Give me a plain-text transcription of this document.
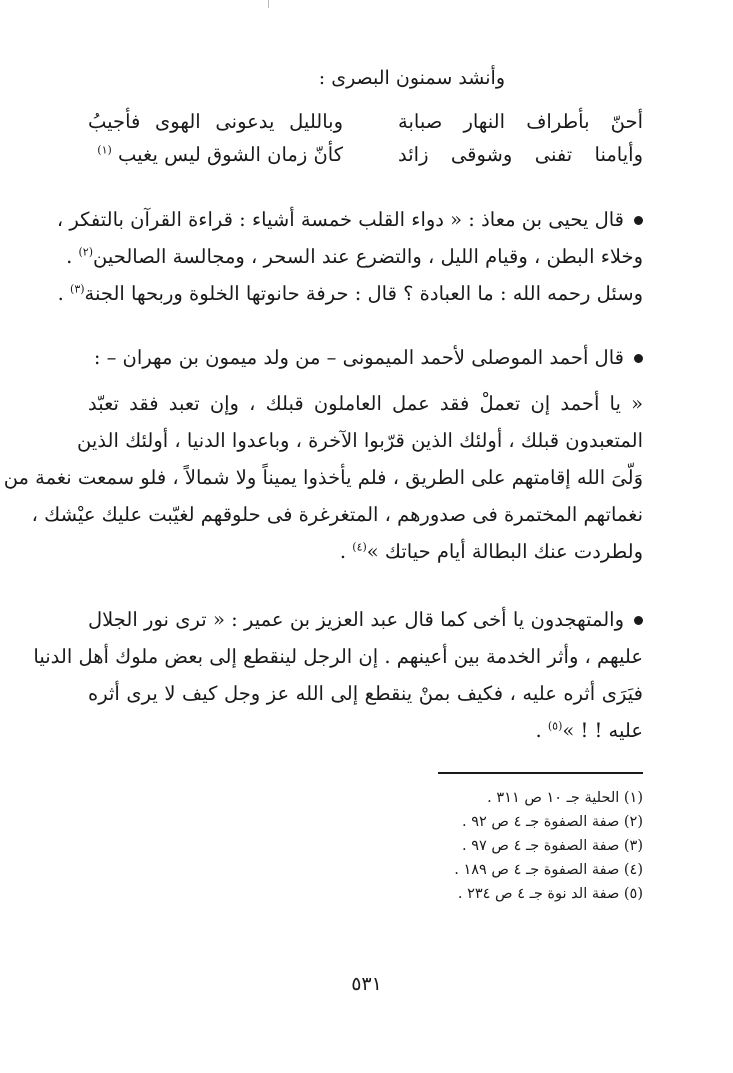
وأنشد سمنون البصرى :
أحنّ بأطراف النهار صبابة
وبالليل يدعونى الهوى فأجيبُ
وأيامنا تفنى وشوقى زائد
كأنّ زمان الشوق ليس يغيب $^{(١)}$
قال يحيى بن معاذ : « دواء القلب خمسة أشياء : قراءة القرآن بالتفكر ،
وخلاء البطن ، وقيام الليل ، والتضرع عند السحر ، ومجالسة الصالحين$^{(٢)}$ .
وسئل رحمه الله : ما العبادة ؟ قال : حرفة حانوتها الخلوة وربحها الجنة$^{(٣)}$ .
قال أحمد الموصلى لأحمد الميمونى – من ولد ميمون بن مهران – :
« يا أحمد إن تعملْ فقد عمل العاملون قبلك ، وإن تعبد فقد تعبّد
المتعبدون قبلك ، أولئك الذين قرّبوا الآخرة ، وباعدوا الدنيا ، أولئك الذين
وَلّىَ الله إقامتهم على الطريق ، فلم يأخذوا يميناً ولا شمالاً ، فلو سمعت نغمة من
نغماتهم المختمرة فى صدورهم ، المتغرغرة فى حلوقهم لغيّبت عليك عيْشك ،
ولطردت عنك البطالة أيام حياتك »$^{(٤)}$ .
والمتهجدون يا أخى كما قال عبد العزيز بن عمير : « ترى نور الجلال
عليهم ، وأثر الخدمة بين أعينهم . إن الرجل لينقطع إلى بعض ملوك أهل الدنيا
فيَرَى أثره عليه ، فكيف بمنْ ينقطع إلى الله عز وجل كيف لا يرى أثره
عليه ! ! »$^{(٥)}$ .
(١) الحلية جـ ١٠ ص ٣١١ .
(٢) صفة الصفوة جـ ٤ ص ٩٢ .
(٣) صفة الصفوة جـ ٤ ص ٩٧ .
(٤) صفة الصفوة جـ ٤ ص ١٨٩ .
(٥) صفة الد نوة جـ ٤ ص ٢٣٤ .
٥٣١
